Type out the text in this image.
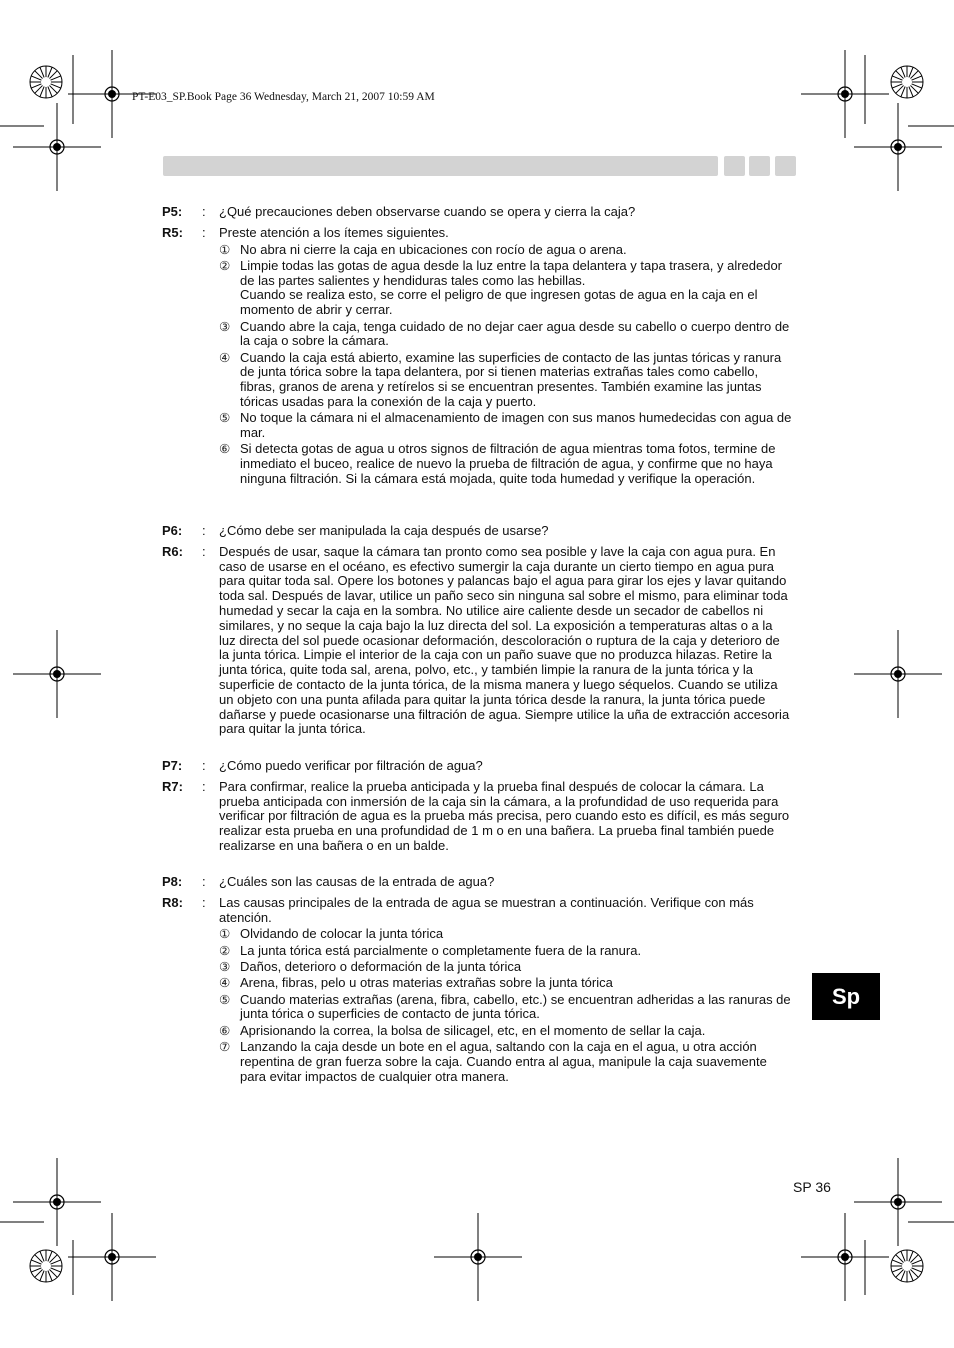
PT-E03_SP.Book Page 36 Wednesday, March 21, 2007 10:59 AM
P5:	:	¿Qué precauciones deben observarse cuando se opera y cierra la caja?
R5:	:	Preste atención a los ítemes siguientes.
① No abra ni cierre la caja en ubicaciones con rocío de agua o arena.
② Limpie todas las gotas de agua desde la luz entre la tapa delantera y tapa trasera, y alrededor de las partes salientes y hendiduras tales como las hebillas.
Cuando se realiza esto, se corre el peligro de que ingresen gotas de agua en la caja en el momento de abrir y cerrar.
③ Cuando abre la caja, tenga cuidado de no dejar caer agua desde su cabello o cuerpo dentro de la caja o sobre la cámara.
④ Cuando la caja está abierto, examine las superficies de contacto de las juntas tóricas y ranura de junta tórica sobre la tapa delantera, por si tienen materias extrañas tales como cabello, fibras, granos de arena y retírelos si se encuentran presentes. También examine las juntas tóricas usadas para la conexión de la caja y puerto.
⑤ No toque la cámara ni el almacenamiento de imagen con sus manos humedecidas con agua de mar.
⑥ Si detecta gotas de agua u otros signos de filtración de agua mientras toma fotos, termine de inmediato el buceo, realice de nuevo la prueba de filtración de agua, y confirme que no haya ninguna filtración. Si la cámara está mojada, quite toda humedad y verifique la operación.
P6:	:	¿Cómo debe ser manipulada la caja después de usarse?
R6:	:	Después de usar, saque la cámara tan pronto como sea posible y lave la caja con agua pura. En caso de usarse en el océano, es efectivo sumergir la caja durante un cierto tiempo en agua pura para quitar toda sal. Opere los botones y palancas bajo el agua para girar los ejes y lavar quitando toda sal. Después de lavar, utilice un paño seco sin ninguna sal sobre el mismo, para eliminar toda humedad y secar la caja en la sombra. No utilice aire caliente desde un secador de cabellos ni similares, y no seque la caja bajo la luz directa del sol. La exposición a temperaturas altas o a la luz directa del sol puede ocasionar deformación, descoloración o ruptura de la caja y deterioro de la junta tórica. Limpie el interior de la caja con un paño suave que no produzca hilazas. Retire la junta tórica, quite toda sal, arena, polvo, etc., y también limpie la ranura de la junta tórica y la superficie de contacto de la junta tórica, de la misma manera y luego séquelos. Cuando se utiliza un objeto con una punta afilada para quitar la junta tórica desde la ranura, la junta tórica puede dañarse y puede ocasionarse una filtración de agua. Siempre utilice la uña de extracción accesoria para quitar la junta tórica.
P7:	:	¿Cómo puedo verificar por filtración de agua?
R7:	:	Para confirmar, realice la prueba anticipada y la prueba final después de colocar la cámara. La prueba anticipada con inmersión de la caja sin la cámara, a la profundidad de uso requerida para verificar por filtración de agua es la prueba más precisa, pero cuando esto es difícil, es más seguro realizar esta prueba en una profundidad de 1 m o en una bañera. La prueba final también puede realizarse en una bañera o en un balde.
P8:	:	¿Cuáles son las causas de la entrada de agua?
R8:	:	Las causas principales de la entrada de agua se muestran a continuación. Verifique con más atención.
① Olvidando de colocar la junta tórica
② La junta tórica está parcialmente o completamente fuera de la ranura.
③ Daños, deterioro o deformación de la junta tórica
④ Arena, fibras, pelo u otras materias extrañas sobre la junta tórica
⑤ Cuando materias extrañas (arena, fibra, cabello, etc.) se encuentran adheridas a las ranuras de junta tórica o superficies de contacto de junta tórica.
⑥ Aprisionando la correa, la bolsa de silicagel, etc, en el momento de sellar la caja.
⑦ Lanzando la caja desde un bote en el agua, saltando con la caja en el agua, u otra acción repentina de gran fuerza sobre la caja. Cuando entra al agua, manipule la caja suavemente para evitar impactos de cualquier otra manera.
Sp
SP 36
